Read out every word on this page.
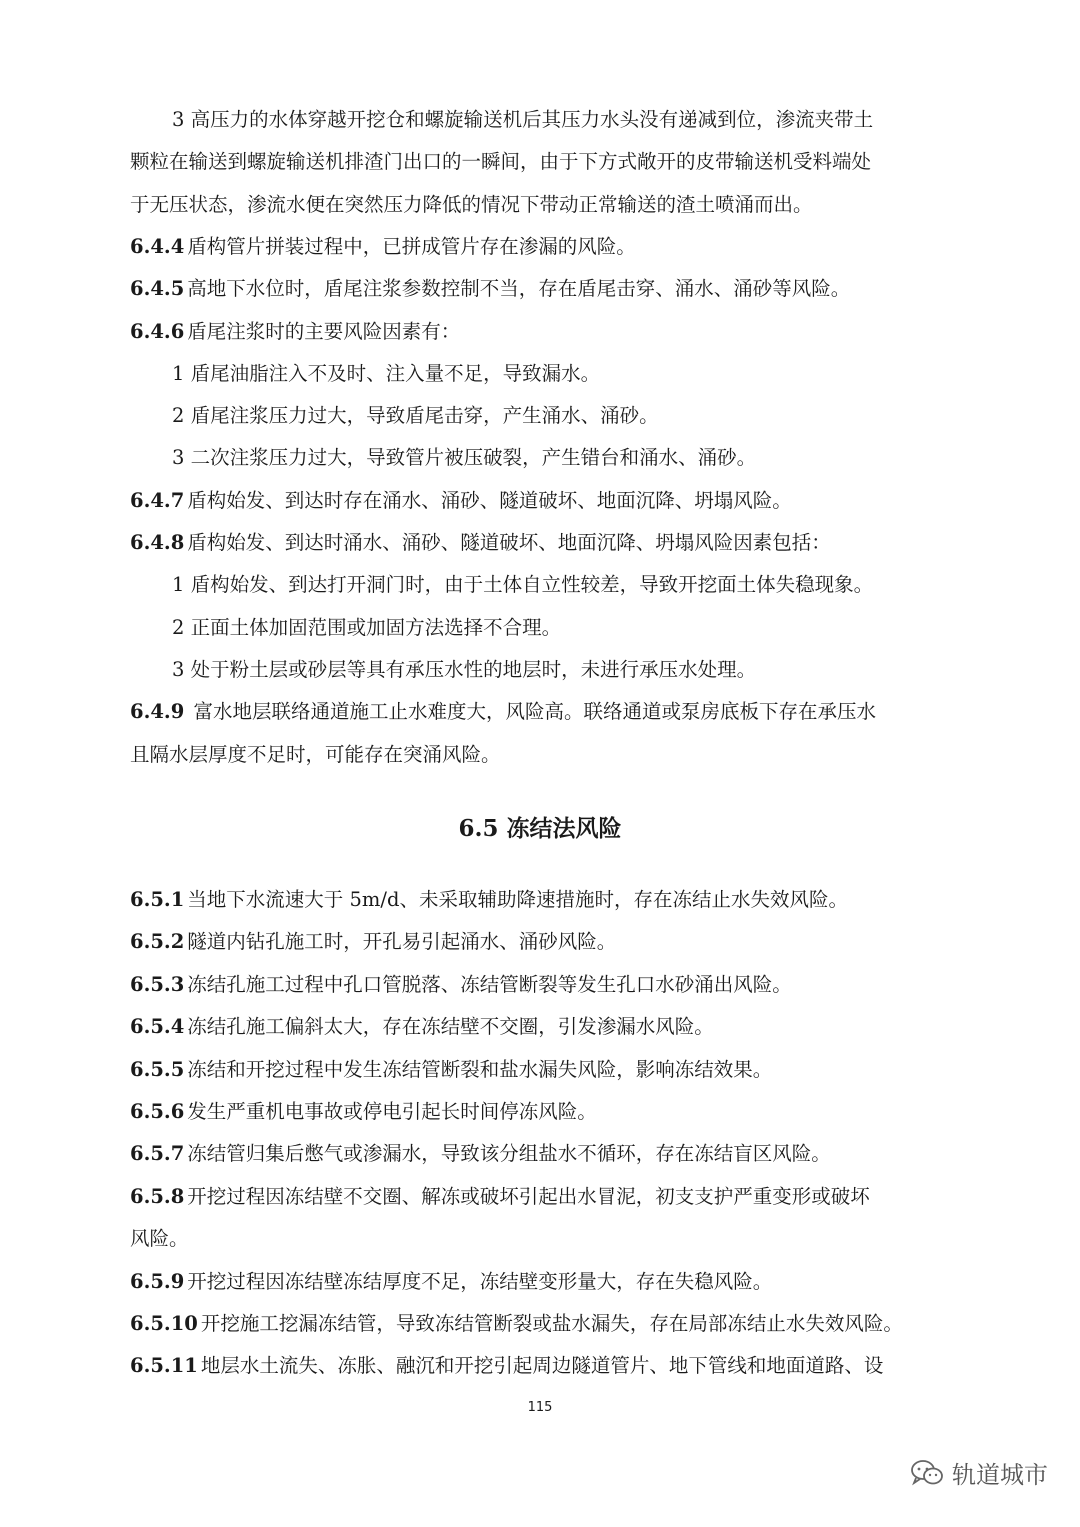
3 高压力的水体穿越开挖仓和螺旋输送机后其压力水头没有递减到位，渗流夹带土
颗粒在输送到螺旋输送机排渣门出口的一瞬间，由于下方式敞开的皮带输送机受料端处
于无压状态，渗流水便在突然压力降低的情况下带动正常输送的渣土喷涌而出。
6.4.4 盾构管片拼装过程中，已拼成管片存在渗漏的风险。
6.4.5 高地下水位时，盾尾注浆参数控制不当，存在盾尾击穿、涌水、涌砂等风险。
6.4.6 盾尾注浆时的主要风险因素有：
1 盾尾油脂注入不及时、注入量不足，导致漏水。
2 盾尾注浆压力过大，导致盾尾击穿，产生涌水、涌砂。
3 二次注浆压力过大，导致管片被压破裂，产生错台和涌水、涌砂。
6.4.7 盾构始发、到达时存在涌水、涌砂、隧道破坏、地面沉降、坍塌风险。
6.4.8 盾构始发、到达时涌水、涌砂、隧道破坏、地面沉降、坍塌风险因素包括：
1 盾构始发、到达打开洞门时，由于土体自立性较差，导致开挖面土体失稳现象。
2 正面土体加固范围或加固方法选择不合理。
3 处于粉土层或砂层等具有承压水性的地层时，未进行承压水处理。
6.4.9 富水地层联络通道施工止水难度大，风险高。联络通道或泵房底板下存在承压水
且隔水层厚度不足时，可能存在突涌风险。
6.5 冻结法风险
6.5.1 当地下水流速大于 5m/d、未采取辅助降速措施时，存在冻结止水失效风险。
6.5.2 隧道内钻孔施工时，开孔易引起涌水、涌砂风险。
6.5.3 冻结孔施工过程中孔口管脱落、冻结管断裂等发生孔口水砂涌出风险。
6.5.4 冻结孔施工偏斜太大，存在冻结壁不交圈，引发渗漏水风险。
6.5.5 冻结和开挖过程中发生冻结管断裂和盐水漏失风险，影响冻结效果。
6.5.6 发生严重机电事故或停电引起长时间停冻风险。
6.5.7 冻结管归集后憋气或渗漏水，导致该分组盐水不循环，存在冻结盲区风险。
6.5.8 开挖过程因冻结壁不交圈、解冻或破坏引起出水冒泥，初支支护严重变形或破坏
风险。
6.5.9 开挖过程因冻结壁冻结厚度不足，冻结壁变形量大，存在失稳风险。
6.5.10 开挖施工挖漏冻结管，导致冻结管断裂或盐水漏失，存在局部冻结止水失效风险。
6.5.11 地层水土流失、冻胀、融沉和开挖引起周边隧道管片、地下管线和地面道路、设
115
轨道城市
